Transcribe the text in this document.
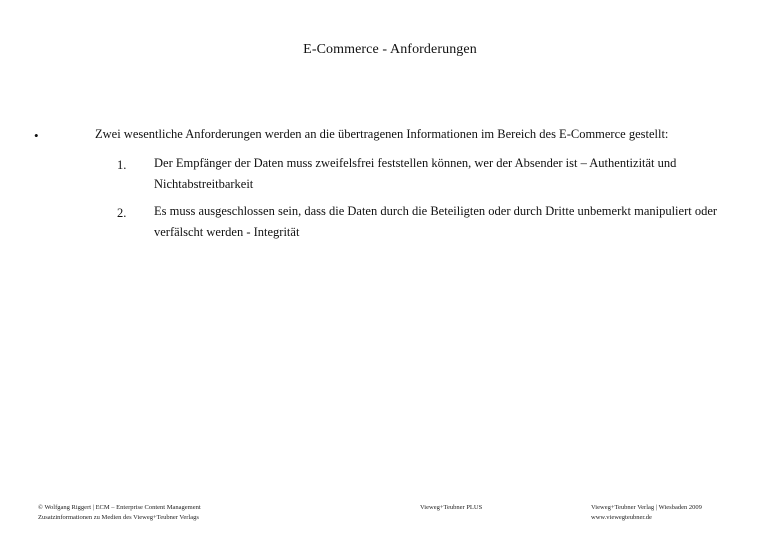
E-Commerce - Anforderungen
•	Zwei wesentliche Anforderungen werden an die übertragenen Informationen im Bereich des E-Commerce gestellt:
1. Der Empfänger der Daten muss zweifelsfrei feststellen können, wer der Absender ist – Authentizität und Nichtabstreitbarkeit
2. Es muss ausgeschlossen sein, dass die Daten durch die Beteiligten oder durch Dritte unbemerkt manipuliert oder verfälscht werden - Integrität
© Wolfgang Riggert | ECM – Enterprise Content Management
Zusatzinformationen zu Medien des Vieweg+Teubner Verlags
Vieweg+Teubner PLUS	Vieweg+Teubner Verlag | Wiesbaden 2009
www.viewegteubner.de
